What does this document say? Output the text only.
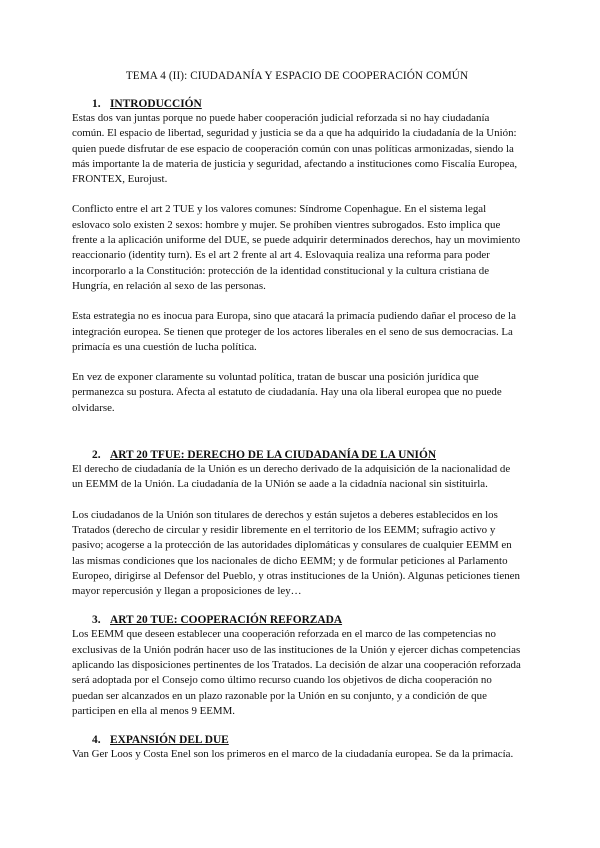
TEMA 4 (II): CIUDADANÍA Y ESPACIO DE COOPERACIÓN COMÚN
1. INTRODUCCIÓN

Estas dos van juntas porque no puede haber cooperación judicial reforzada si no hay ciudadanía común. El espacio de libertad, seguridad y justicia se da a que ha adquirido la ciudadanía de la Unión: quien puede disfrutar de ese espacio de cooperación común con unas políticas armonizadas, siendo la más importante la de materia de justicia y seguridad, afectando a instituciones como Fiscalía Europea, FRONTEX, Eurojust.

Conflicto entre el art 2 TUE y los valores comunes: Síndrome Copenhague. En el sistema legal eslovaco solo existen 2 sexos: hombre y mujer. Se prohíben vientres subrogados. Esto implica que frente a la aplicación uniforme del DUE, se puede adquirir determinados derechos, hay un movimiento reaccionario (identity turn). Es el art 2 frente al art 4. Eslovaquia realiza una reforma para poder incorporarlo a la Constitución: protección de la identidad constitucional y la cultura cristiana de Hungría, en relación al sexo de las personas.

Esta estrategia no es inocua para Europa, sino que atacará la primacía pudiendo dañar el proceso de la integración europea. Se tienen que proteger de los actores liberales en el seno de sus democracias. La primacía es una cuestión de lucha política.

En vez de exponer claramente su voluntad política, tratan de buscar una posición jurídica que permanezca su postura. Afecta al estatuto de ciudadanía. Hay una ola liberal europea que no puede olvidarse.

2. ART 20 TFUE: DERECHO DE LA CIUDADANÍA DE LA UNIÓN

El derecho de ciudadanía de la Unión es un derecho derivado de la adquisición de la nacionalidad de un EEMM de la Unión. La ciudadanía de la UNión se aade a la cidadnía nacional sin sistituirla.

Los ciudadanos de la Unión son titulares de derechos y están sujetos a deberes establecidos en los Tratados (derecho de circular y residir libremente en el territorio de los EEMM; sufragio activo y pasivo; acogerse a la protección de las autoridades diplomáticas y consulares de cualquier EEMM en las mismas condiciones que los nacionales de dicho EEMM; y de formular peticiones al Parlamento Europeo, dirigirse al Defensor del Pueblo, y otras instituciones de la Unión). Algunas peticiones tienen mayor repercusión y llegan a proposiciones de ley…

3. ART 20 TUE: COOPERACIÓN REFORZADA

Los EEMM que deseen establecer una cooperación reforzada en el marco de las competencias no exclusivas de la Unión podrán hacer uso de las instituciones de la Unión y ejercer dichas competencias aplicando las disposiciones pertinentes de los Tratados. La decisión de alzar una cooperación reforzada será adoptada por el Consejo como último recurso cuando los objetivos de dicha cooperación no puedan ser alcanzados en un plazo razonable por la Unión en su conjunto, y a condición de que participen en ella al menos 9 EEMM.

4. EXPANSIÓN DEL DUE

Van Ger Loos y Costa Enel son los primeros en el marco de la ciudadanía europea. Se da la primacía.
